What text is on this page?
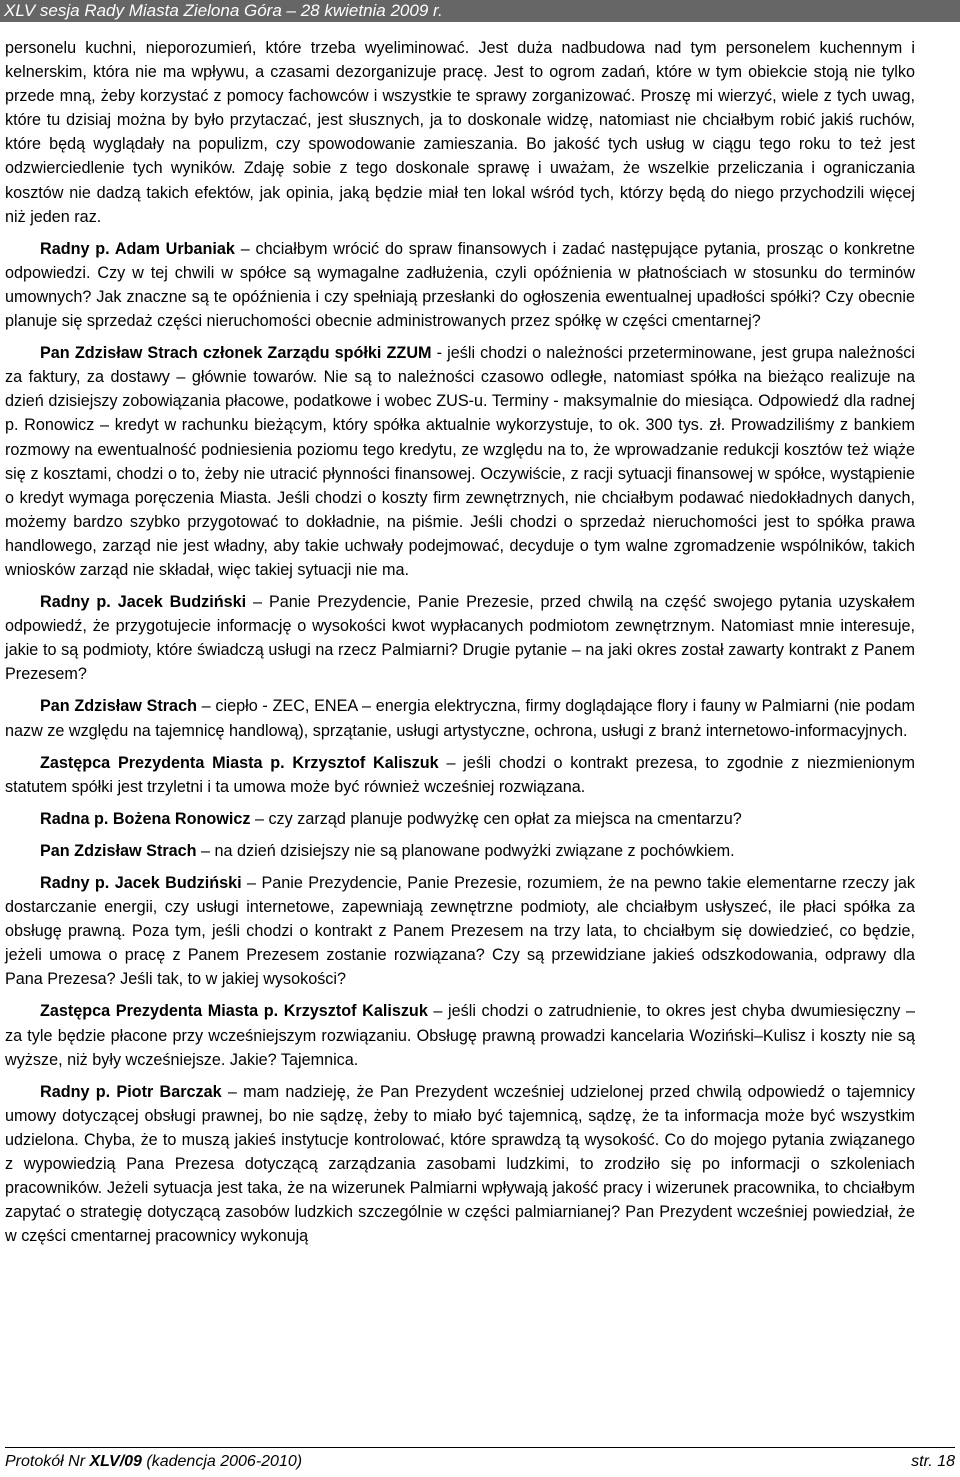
XLV sesja Rady Miasta Zielona Góra – 28 kwietnia 2009 r.

personelu kuchni, nieporozumień, które trzeba wyeliminować. Jest duża nadbudowa nad tym personelem kuchennym i kelnerskim, która nie ma wpływu, a czasami dezorganizuje pracę. Jest to ogrom zadań, które w tym obiekcie stoją nie tylko przede mną, żeby korzystać z pomocy fachowców i wszystkie te sprawy zorganizować. Proszę mi wierzyć, wiele z tych uwag, które tu dzisiaj można by było przytaczać, jest słusznych, ja to doskonale widzę, natomiast nie chciałbym robić jakiś ruchów, które będą wyglądały na populizm, czy spowodowanie zamieszania. Bo jakość tych usług w ciągu tego roku to też jest odzwierciedlenie tych wyników. Zdaję sobie z tego doskonale sprawę i uważam, że wszelkie przeliczania i ograniczania kosztów nie dadzą takich efektów, jak opinia, jaką będzie miał ten lokal wśród tych, którzy będą do niego przychodzili więcej niż jeden raz.

Radny p. Adam Urbaniak – chciałbym wrócić do spraw finansowych i zadać następujące pytania, prosząc o konkretne odpowiedzi. Czy w tej chwili w spółce są wymagalne zadłużenia, czyli opóźnienia w płatnościach w stosunku do terminów umownych? Jak znaczne są te opóźnienia i czy spełniają przesłanki do ogłoszenia ewentualnej upadłości spółki? Czy obecnie planuje się sprzedaż części nieruchomości obecnie administrowanych przez spółkę w części cmentarnej?

Pan Zdzisław Strach członek Zarządu spółki ZZUM - jeśli chodzi o należności przeterminowane, jest grupa należności za faktury, za dostawy – głównie towarów. Nie są to należności czasowo odległe, natomiast spółka na bieżąco realizuje na dzień dzisiejszy zobowiązania płacowe, podatkowe i wobec ZUS-u. Terminy - maksymalnie do miesiąca. Odpowiedź dla radnej p. Ronowicz – kredyt w rachunku bieżącym, który spółka aktualnie wykorzystuje, to ok. 300 tys. zł. Prowadziliśmy z bankiem rozmowy na ewentualność podniesienia poziomu tego kredytu, ze względu na to, że wprowadzanie redukcji kosztów też wiąże się z kosztami, chodzi o to, żeby nie utracić płynności finansowej. Oczywiście, z racji sytuacji finansowej w spółce, wystąpienie o kredyt wymaga poręczenia Miasta. Jeśli chodzi o koszty firm zewnętrznych, nie chciałbym podawać niedokładnych danych, możemy bardzo szybko przygotować to dokładnie, na piśmie. Jeśli chodzi o sprzedaż nieruchomości jest to spółka prawa handlowego, zarząd nie jest władny, aby takie uchwały podejmować, decyduje o tym walne zgromadzenie wspólników, takich wniosków zarząd nie składał, więc takiej sytuacji nie ma.

Radny p. Jacek Budziński – Panie Prezydencie, Panie Prezesie, przed chwilą na część swojego pytania uzyskałem odpowiedź, że przygotujecie informację o wysokości kwot wypłacanych podmiotom zewnętrznym. Natomiast mnie interesuje, jakie to są podmioty, które świadczą usługi na rzecz Palmiarni? Drugie pytanie – na jaki okres został zawarty kontrakt z Panem Prezesem?

Pan Zdzisław Strach – ciepło - ZEC, ENEA – energia elektryczna, firmy doglądające flory i fauny w Palmiarni (nie podam nazw ze względu na tajemnicę handlową), sprzątanie, usługi artystyczne, ochrona, usługi z branż internetowo-informacyjnych.

Zastępca Prezydenta Miasta p. Krzysztof Kaliszuk – jeśli chodzi o kontrakt prezesa, to zgodnie z niezmienionym statutem spółki jest trzyletni i ta umowa może być również wcześniej rozwiązana.

Radna p. Bożena Ronowicz – czy zarząd planuje podwyżkę cen opłat za miejsca na cmentarzu?

Pan Zdzisław Strach – na dzień dzisiejszy nie są planowane podwyżki związane z pochówkiem.

Radny p. Jacek Budziński – Panie Prezydencie, Panie Prezesie, rozumiem, że na pewno takie elementarne rzeczy jak dostarczanie energii, czy usługi internetowe, zapewniają zewnętrzne podmioty, ale chciałbym usłyszeć, ile płaci spółka za obsługę prawną. Poza tym, jeśli chodzi o kontrakt z Panem Prezesem na trzy lata, to chciałbym się dowiedzieć, co będzie, jeżeli umowa o pracę z Panem Prezesem zostanie rozwiązana? Czy są przewidziane jakieś odszkodowania, odprawy dla Pana Prezesa? Jeśli tak, to w jakiej wysokości?

Zastępca Prezydenta Miasta p. Krzysztof Kaliszuk – jeśli chodzi o zatrudnienie, to okres jest chyba dwumiesięczny – za tyle będzie płacone przy wcześniejszym rozwiązaniu. Obsługę prawną prowadzi kancelaria Woziński–Kulisz i koszty nie są wyższe, niż były wcześniejsze. Jakie? Tajemnica.

Radny p. Piotr Barczak – mam nadzieję, że Pan Prezydent wcześniej udzielonej przed chwilą odpowiedź o tajemnicy umowy dotyczącej obsługi prawnej, bo nie sądzę, żeby to miało być tajemnicą, sądzę, że ta informacja może być wszystkim udzielona. Chyba, że to muszą jakieś instytucje kontrolować, które sprawdzą tą wysokość. Co do mojego pytania związanego z wypowiedzią Pana Prezesa dotyczącą zarządzania zasobami ludzkimi, to zrodziło się po informacji o szkoleniach pracowników. Jeżeli sytuacja jest taka, że na wizerunek Palmiarni wpływają jakość pracy i wizerunek pracownika, to chciałbym zapytać o strategię dotyczącą zasobów ludzkich szczególnie w części palmiarnianej? Pan Prezydent wcześniej powiedział, że w części cmentarnej pracownicy wykonują

Protokół Nr XLV/09 (kadencja 2006-2010)	str. 18
